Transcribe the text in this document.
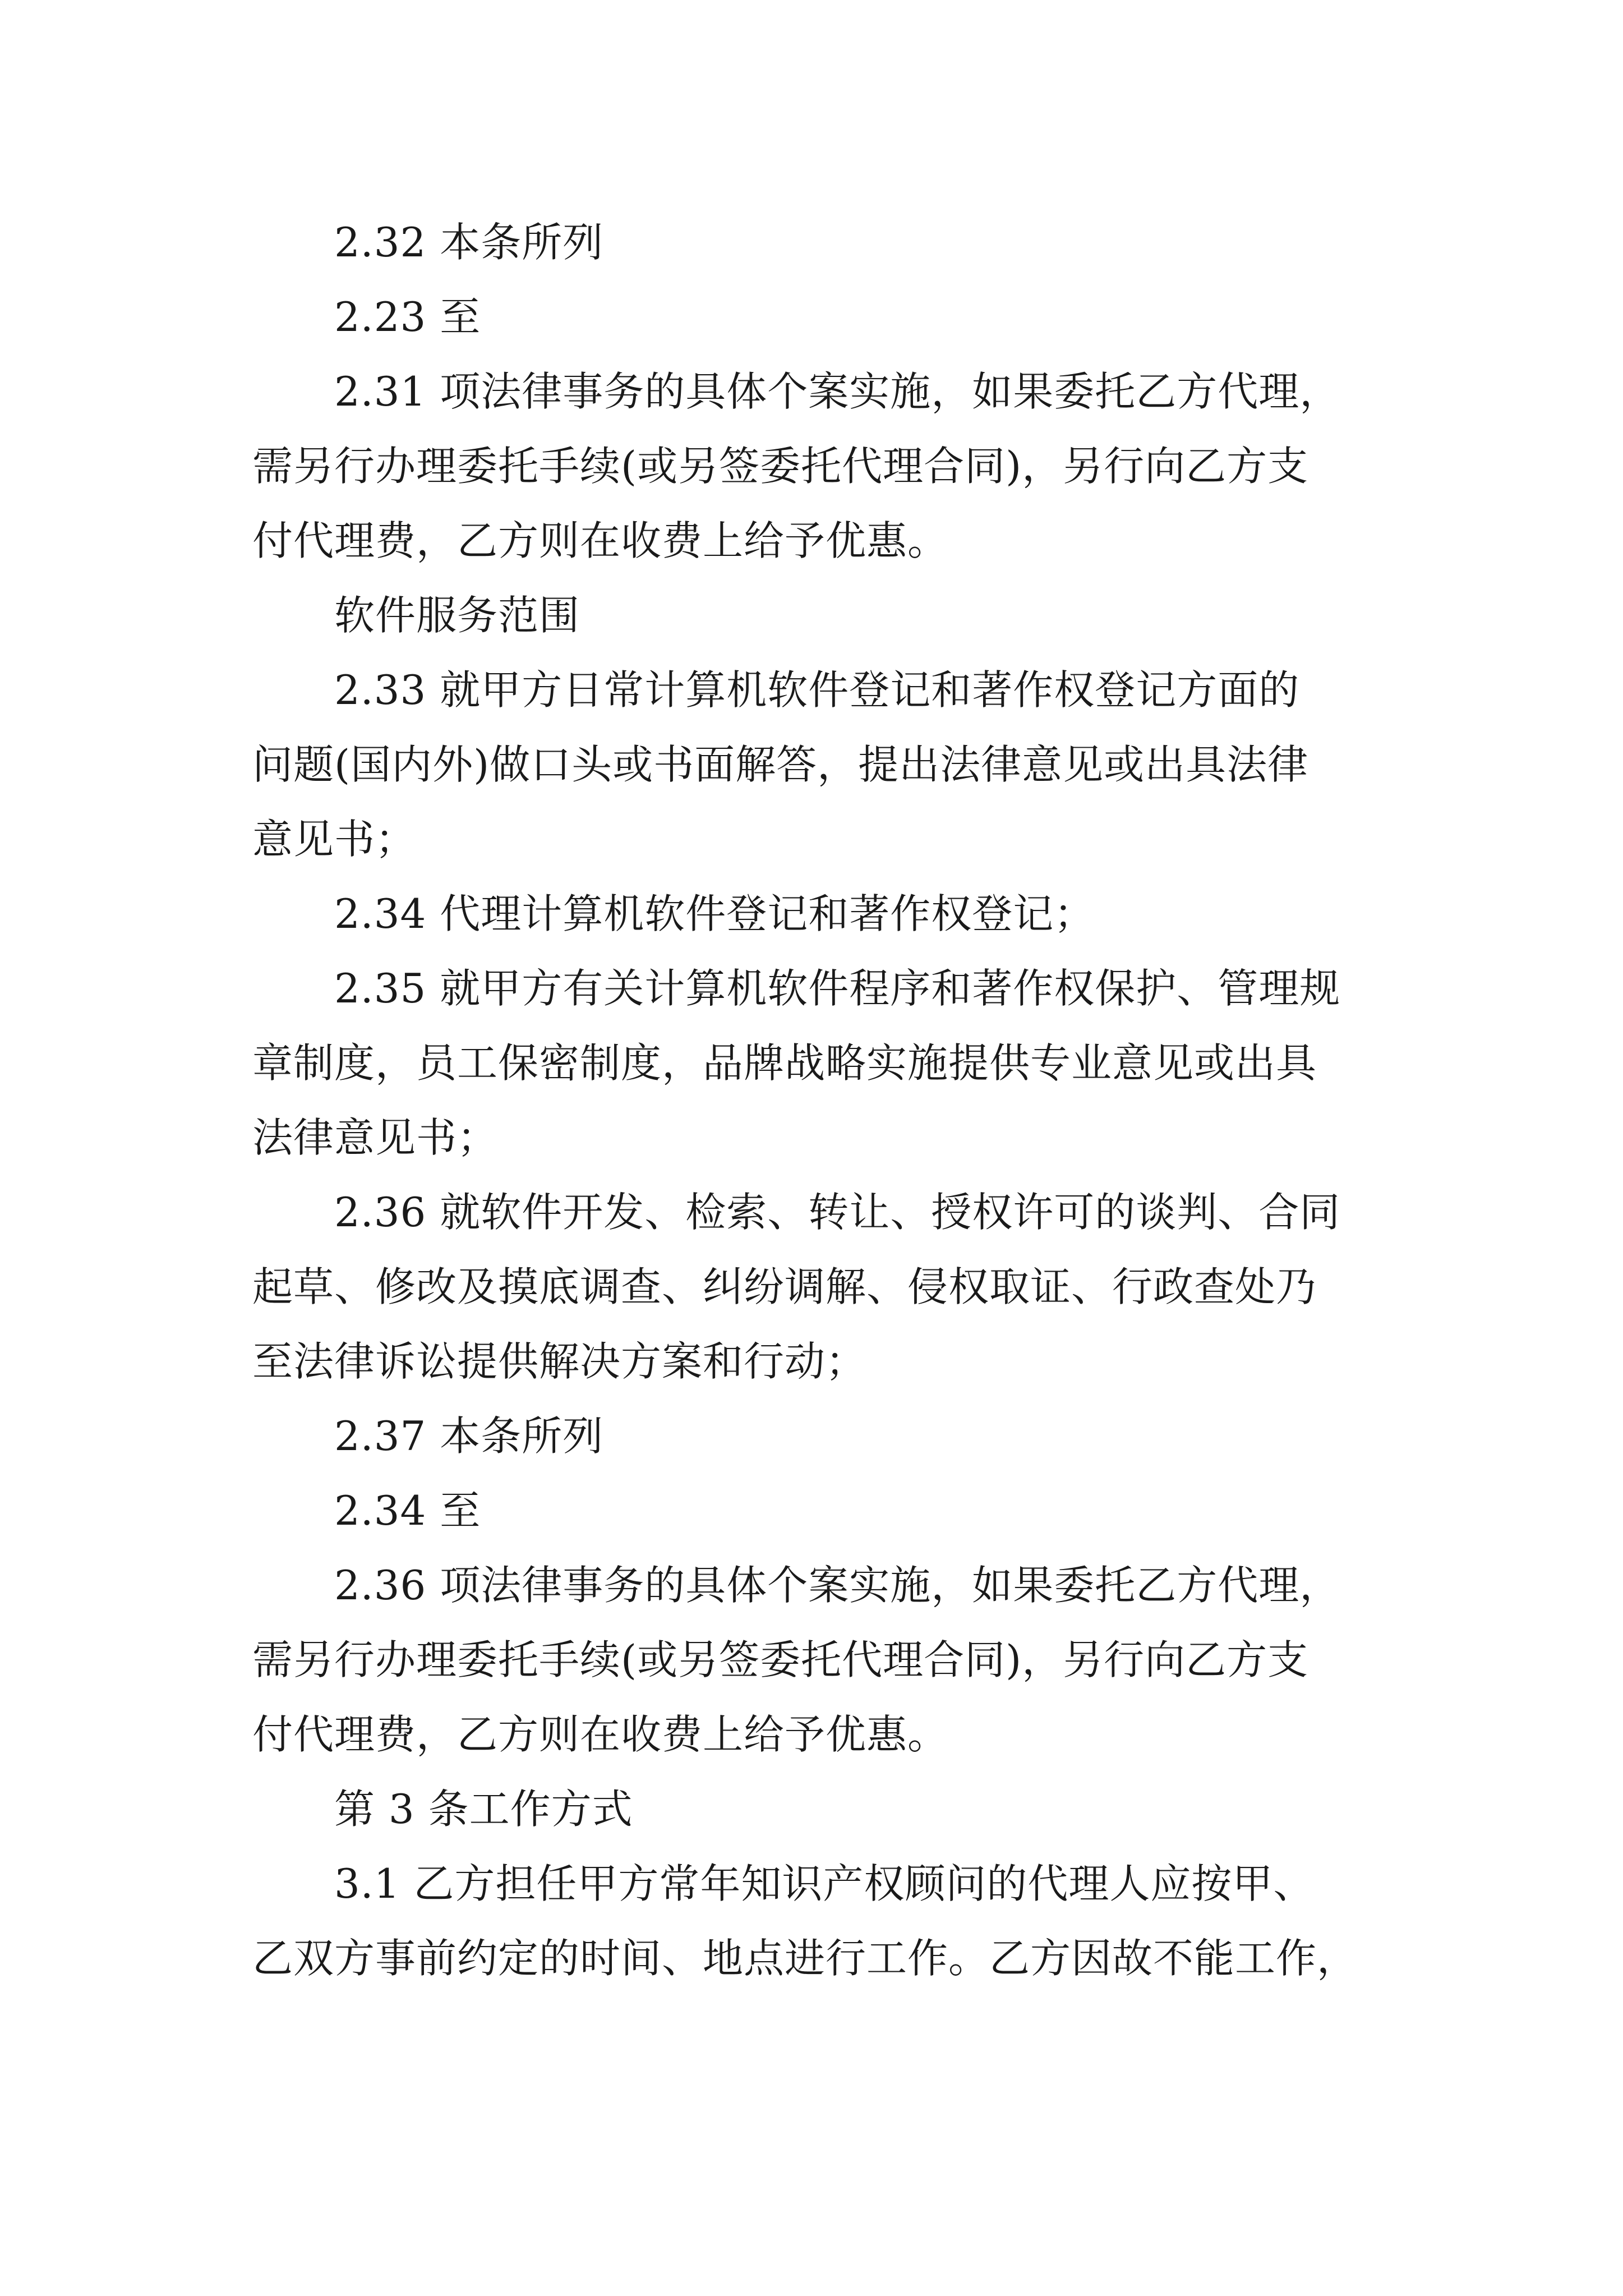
2.32 本条所列
2.23 至
2.31 项法律事务的具体个案实施，如果委托乙方代理，
需另行办理委托手续(或另签委托代理合同)，另行向乙方支
付代理费，乙方则在收费上给予优惠。
软件服务范围
2.33 就甲方日常计算机软件登记和著作权登记方面的
问题(国内外)做口头或书面解答，提出法律意见或出具法律
意见书；
2.34 代理计算机软件登记和著作权登记；
2.35 就甲方有关计算机软件程序和著作权保护、管理规
章制度，员工保密制度，品牌战略实施提供专业意见或出具
法律意见书；
2.36 就软件开发、检索、转让、授权许可的谈判、合同
起草、修改及摸底调查、纠纷调解、侵权取证、行政查处乃
至法律诉讼提供解决方案和行动；
2.37 本条所列
2.34 至
2.36 项法律事务的具体个案实施，如果委托乙方代理，
需另行办理委托手续(或另签委托代理合同)，另行向乙方支
付代理费，乙方则在收费上给予优惠。
第 3 条工作方式
3.1 乙方担任甲方常年知识产权顾问的代理人应按甲、
乙双方事前约定的时间、地点进行工作。乙方因故不能工作，
